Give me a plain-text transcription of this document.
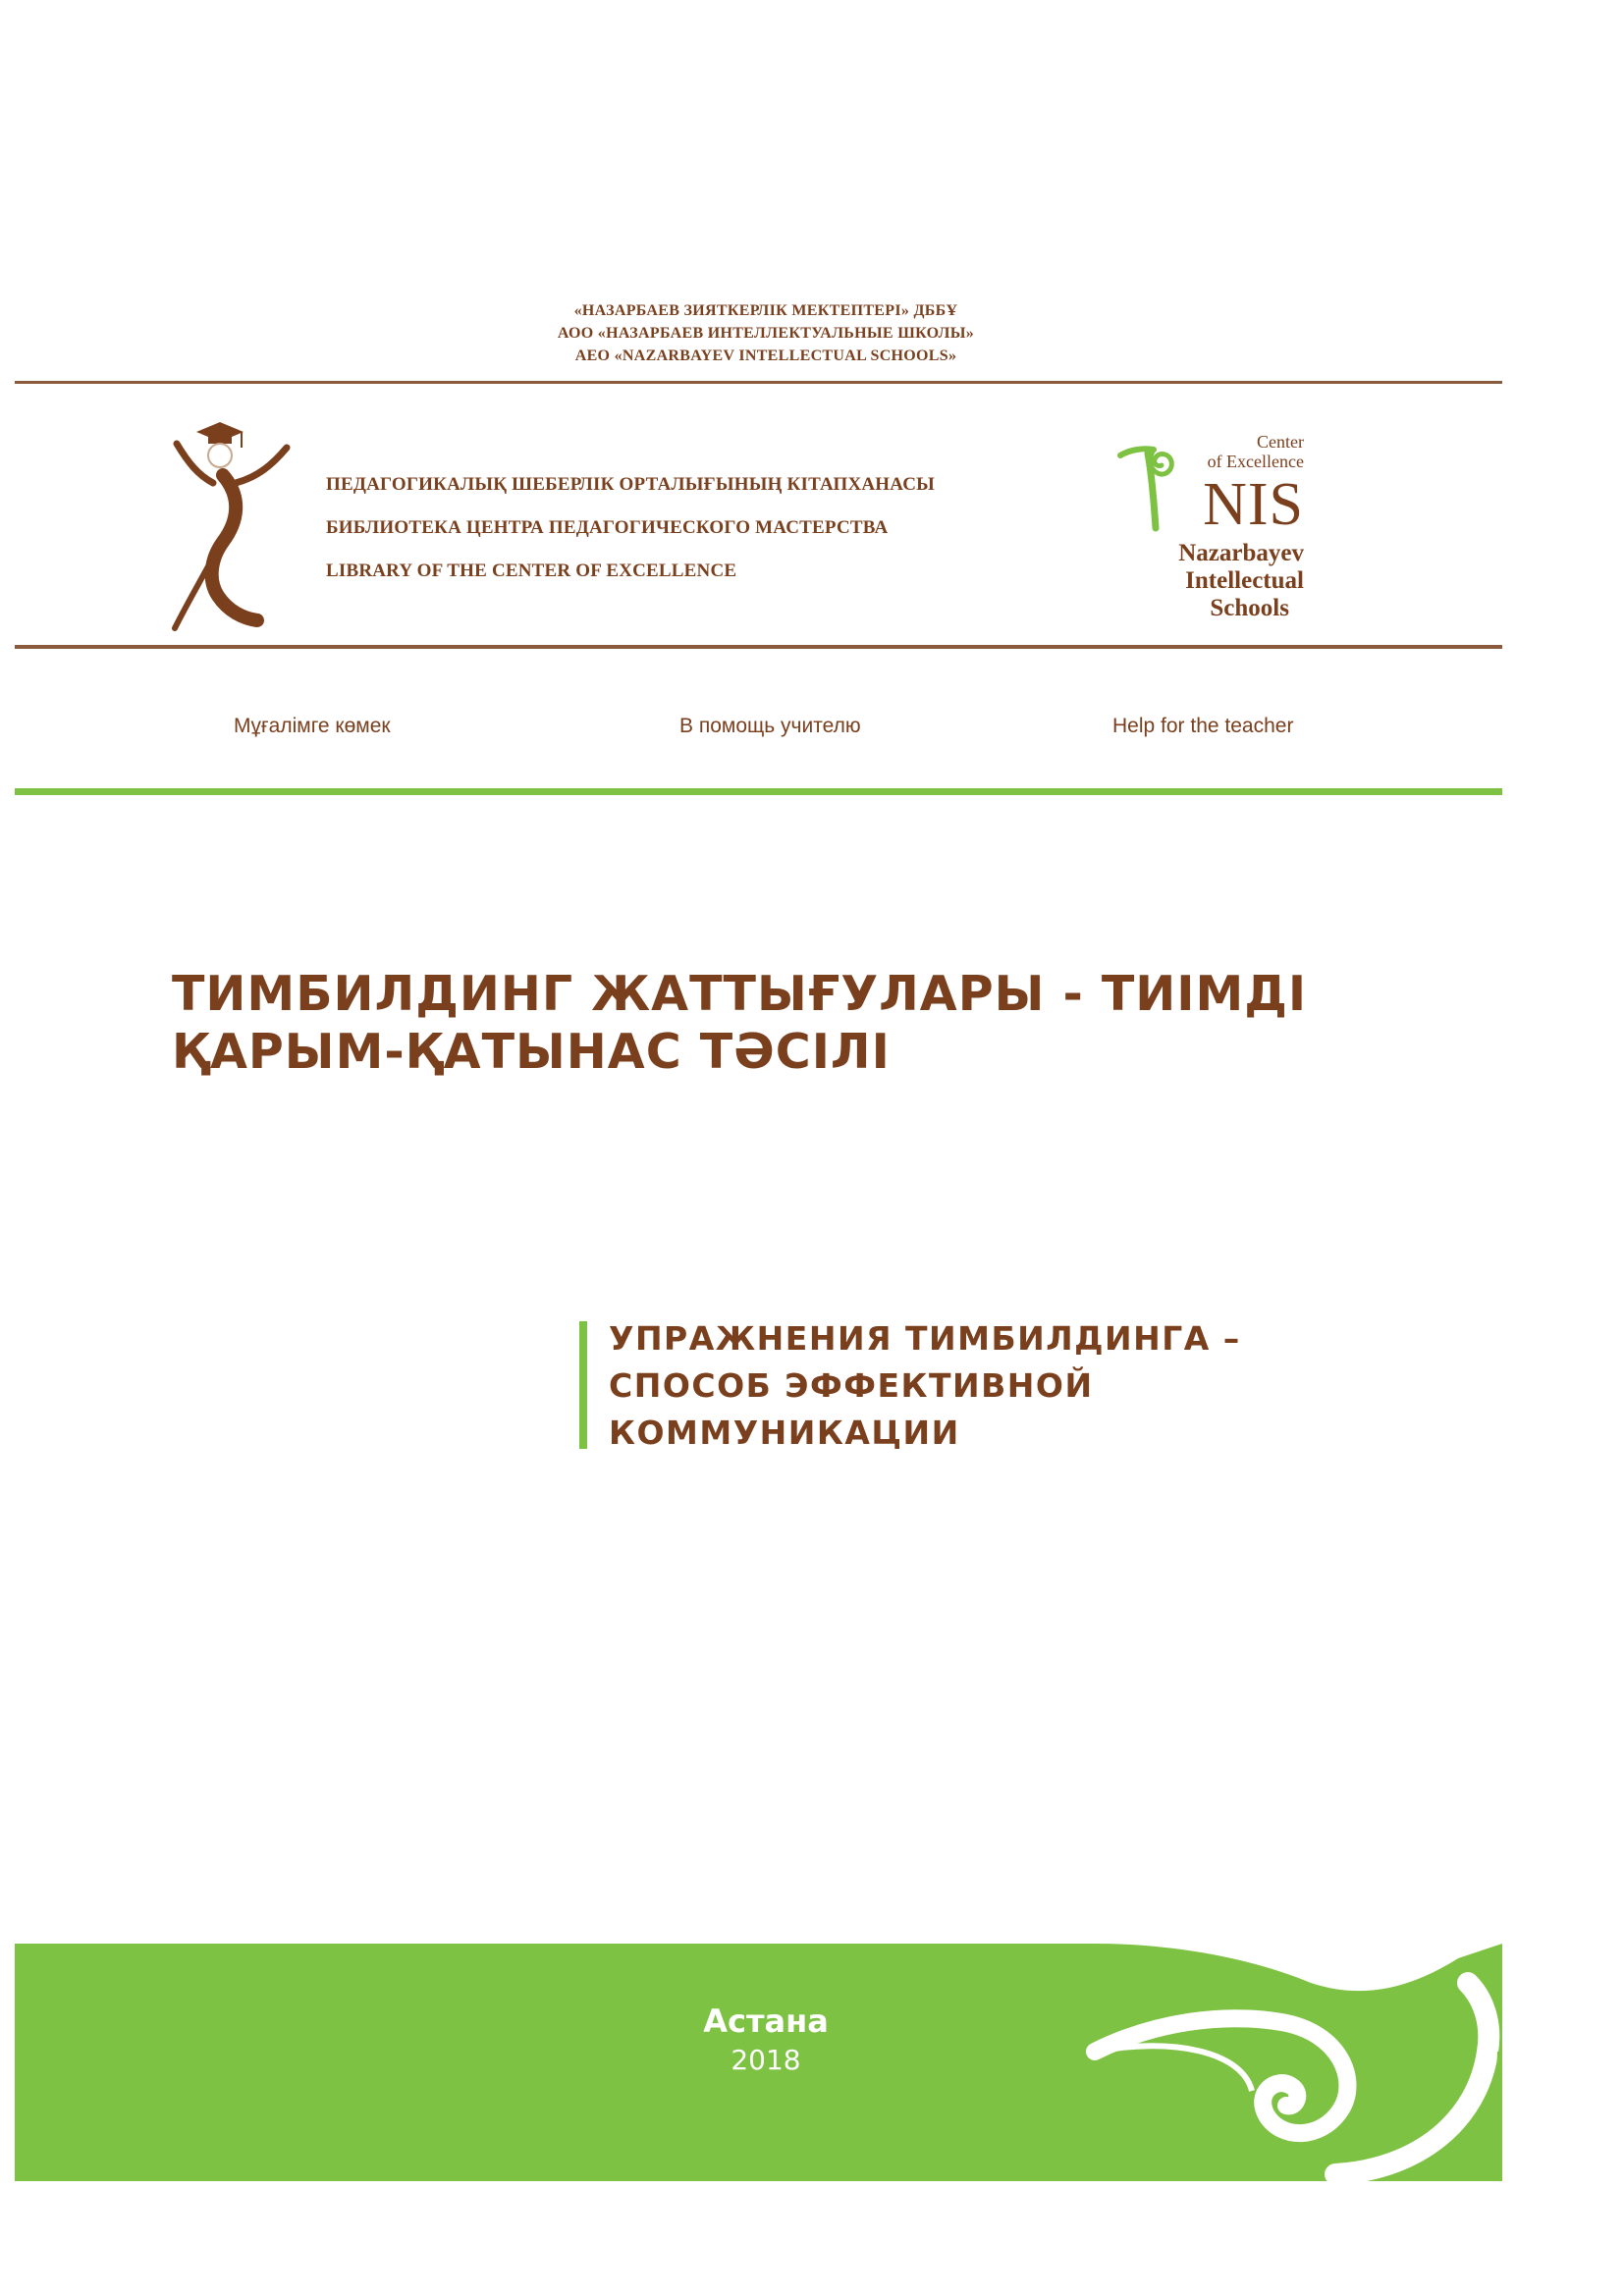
«НАЗАРБАЕВ ЗИЯТКЕРЛІК МЕКТЕПТЕРІ» ДББҰ
АОО «НАЗАРБАЕВ ИНТЕЛЛЕКТУАЛЬНЫЕ ШКОЛЫ»
АЕО «NAZARBAYEV INTELLECTUAL SCHOOLS»
ПЕДАГОГИКАЛЫҚ ШЕБЕРЛІК ОРТАЛЫҒЫНЫҢ КІТАПХАНАСЫ
БИБЛИОТЕКА ЦЕНТРА ПЕДАГОГИЧЕСКОГО МАСТЕРСТВА
LIBRARY OF THE CENTER OF EXCELLENCE
Center
of Excellence
NIS
Nazarbayev
Intellectual
Schools
Мұғалімге көмек	В помощь учителю	Help for the teacher
ТИМБИЛДИНГ ЖАТТЫҒУЛАРЫ - ТИІМДІ
ҚАРЫМ-ҚАТЫНАС ТӘСІЛІ
УПРАЖНЕНИЯ ТИМБИЛДИНГА –
СПОСОБ ЭФФЕКТИВНОЙ
КОММУНИКАЦИИ
Астана
2018
